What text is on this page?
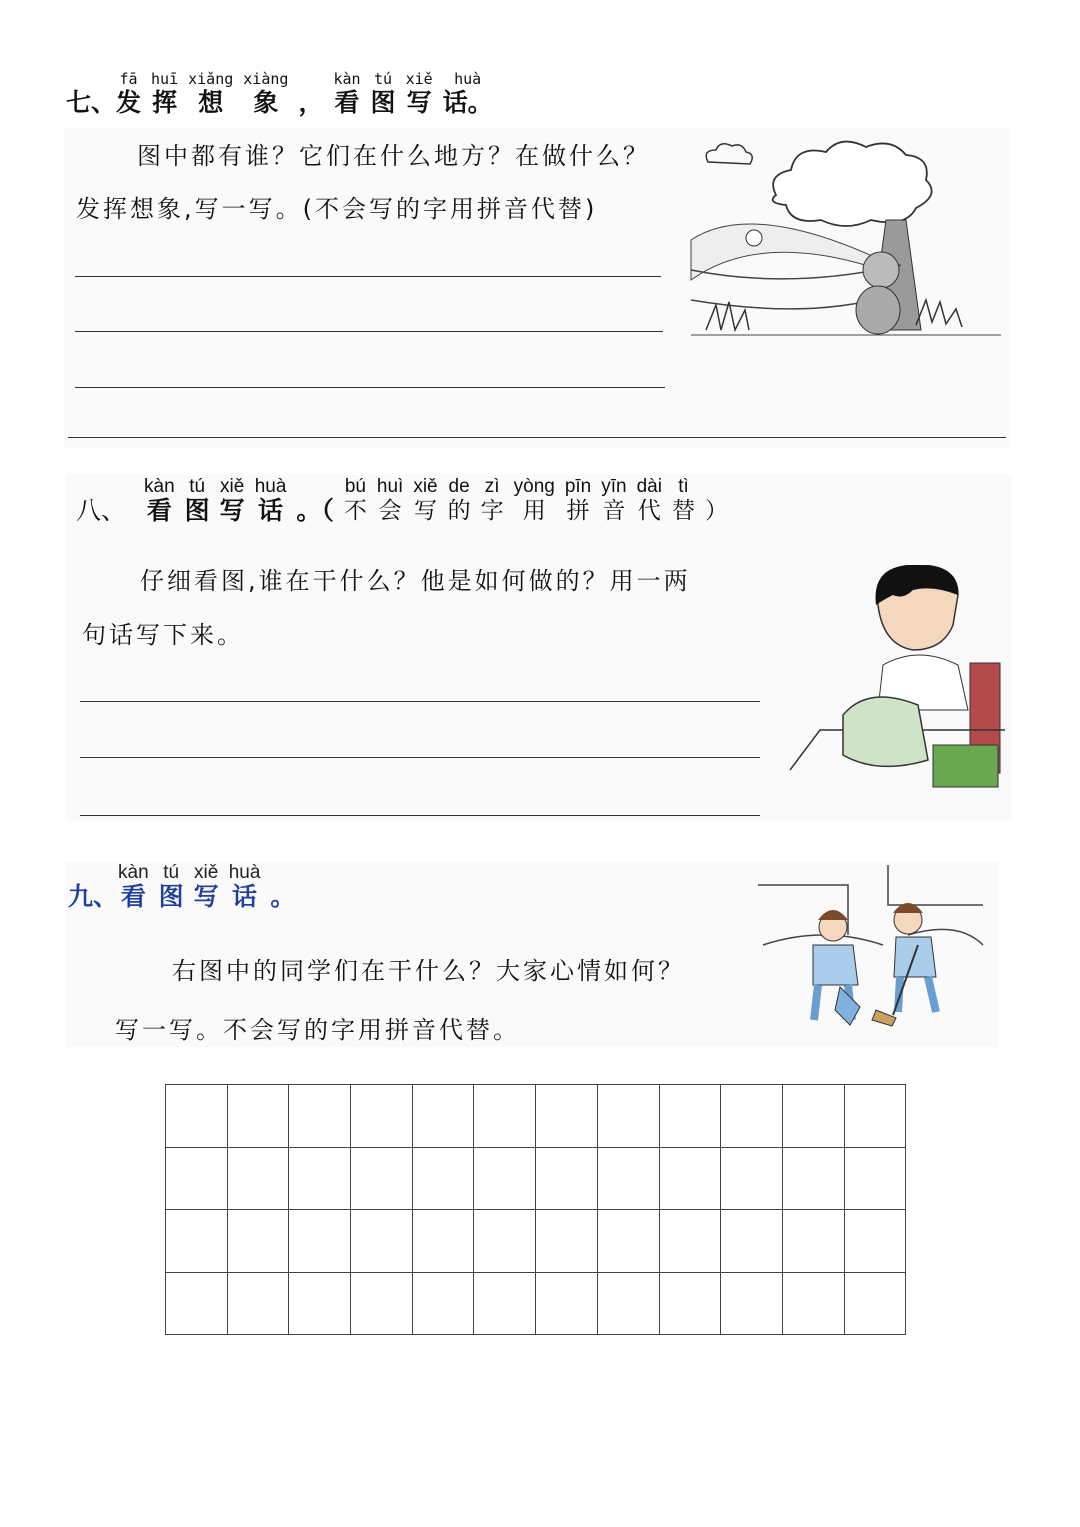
七、
fā
发
huī
挥
xiǎng
想
xiàng
象
，
kàn
看
tú
图
xiě
写
huà
话。
图中都有谁？它们在什么地方？在做什么？
发挥想象,写一写。(不会写的字用拼音代替)
八、
kàn
看
tú
图
xiě
写
huà
话
。（
bú
不
huì
会
xiě
写
de
的
zì
字
yòng
用
pīn
拼
yīn
音
dài
代
tì
替
）
仔细看图,谁在干什么？他是如何做的？用一两
句话写下来。
九、
kàn
看
tú
图
xiě
写
huà
话
。
右图中的同学们在干什么？大家心情如何？
写一写。不会写的字用拼音代替。
